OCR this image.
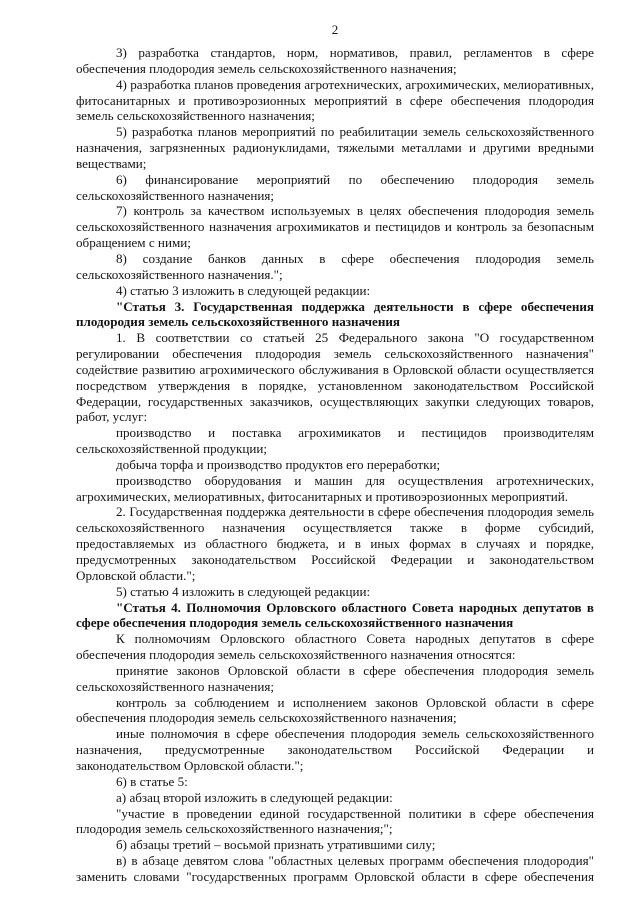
2

3) разработка стандартов, норм, нормативов, правил, регламентов в сфере обеспечения плодородия земель сельскохозяйственного назначения;

4) разработка планов проведения агротехнических, агрохимических, мелиоративных, фитосанитарных и противоэрозионных мероприятий в сфере обеспечения плодородия земель сельскохозяйственного назначения;

5) разработка планов мероприятий по реабилитации земель сельскохозяйственного назначения, загрязненных радионуклидами, тяжелыми металлами и другими вредными веществами;

6) финансирование мероприятий по обеспечению плодородия земель сельскохозяйственного назначения;

7) контроль за качеством используемых в целях обеспечения плодородия земель сельскохозяйственного назначения агрохимикатов и пестицидов и контроль за безопасным обращением с ними;

8) создание банков данных в сфере обеспечения плодородия земель сельскохозяйственного назначения.";

4) статью 3 изложить в следующей редакции:

"Статья 3. Государственная поддержка деятельности в сфере обеспечения плодородия земель сельскохозяйственного назначения

1. В соответствии со статьей 25 Федерального закона "О государственном регулировании обеспечения плодородия земель сельскохозяйственного назначения" содействие развитию агрохимического обслуживания в Орловской области осуществляется посредством утверждения в порядке, установленном законодательством Российской Федерации, государственных заказчиков, осуществляющих закупки следующих товаров, работ, услуг:

производство и поставка агрохимикатов и пестицидов производителям сельскохозяйственной продукции;

добыча торфа и производство продуктов его переработки;

производство оборудования и машин для осуществления агротехнических, агрохимических, мелиоративных, фитосанитарных и противоэрозионных мероприятий.

2. Государственная поддержка деятельности в сфере обеспечения плодородия земель сельскохозяйственного назначения осуществляется также в форме субсидий, предоставляемых из областного бюджета, и в иных формах в случаях и порядке, предусмотренных законодательством Российской Федерации и законодательством Орловской области.";

5) статью 4 изложить в следующей редакции:

"Статья 4. Полномочия Орловского областного Совета народных депутатов в сфере обеспечения плодородия земель сельскохозяйственного назначения

К полномочиям Орловского областного Совета народных депутатов в сфере обеспечения плодородия земель сельскохозяйственного назначения относятся:

принятие законов Орловской области в сфере обеспечения плодородия земель сельскохозяйственного назначения;

контроль за соблюдением и исполнением законов Орловской области в сфере обеспечения плодородия земель сельскохозяйственного назначения;

иные полномочия в сфере обеспечения плодородия земель сельскохозяйственного назначения, предусмотренные законодательством Российской Федерации и законодательством Орловской области.";

6) в статье 5:

а) абзац второй изложить в следующей редакции:

"участие в проведении единой государственной политики в сфере обеспечения плодородия земель сельскохозяйственного назначения;";

б) абзацы третий – восьмой признать утратившими силу;

в) в абзаце девятом слова "областных целевых программ обеспечения плодородия" заменить словами "государственных программ Орловской области в сфере обеспечения
